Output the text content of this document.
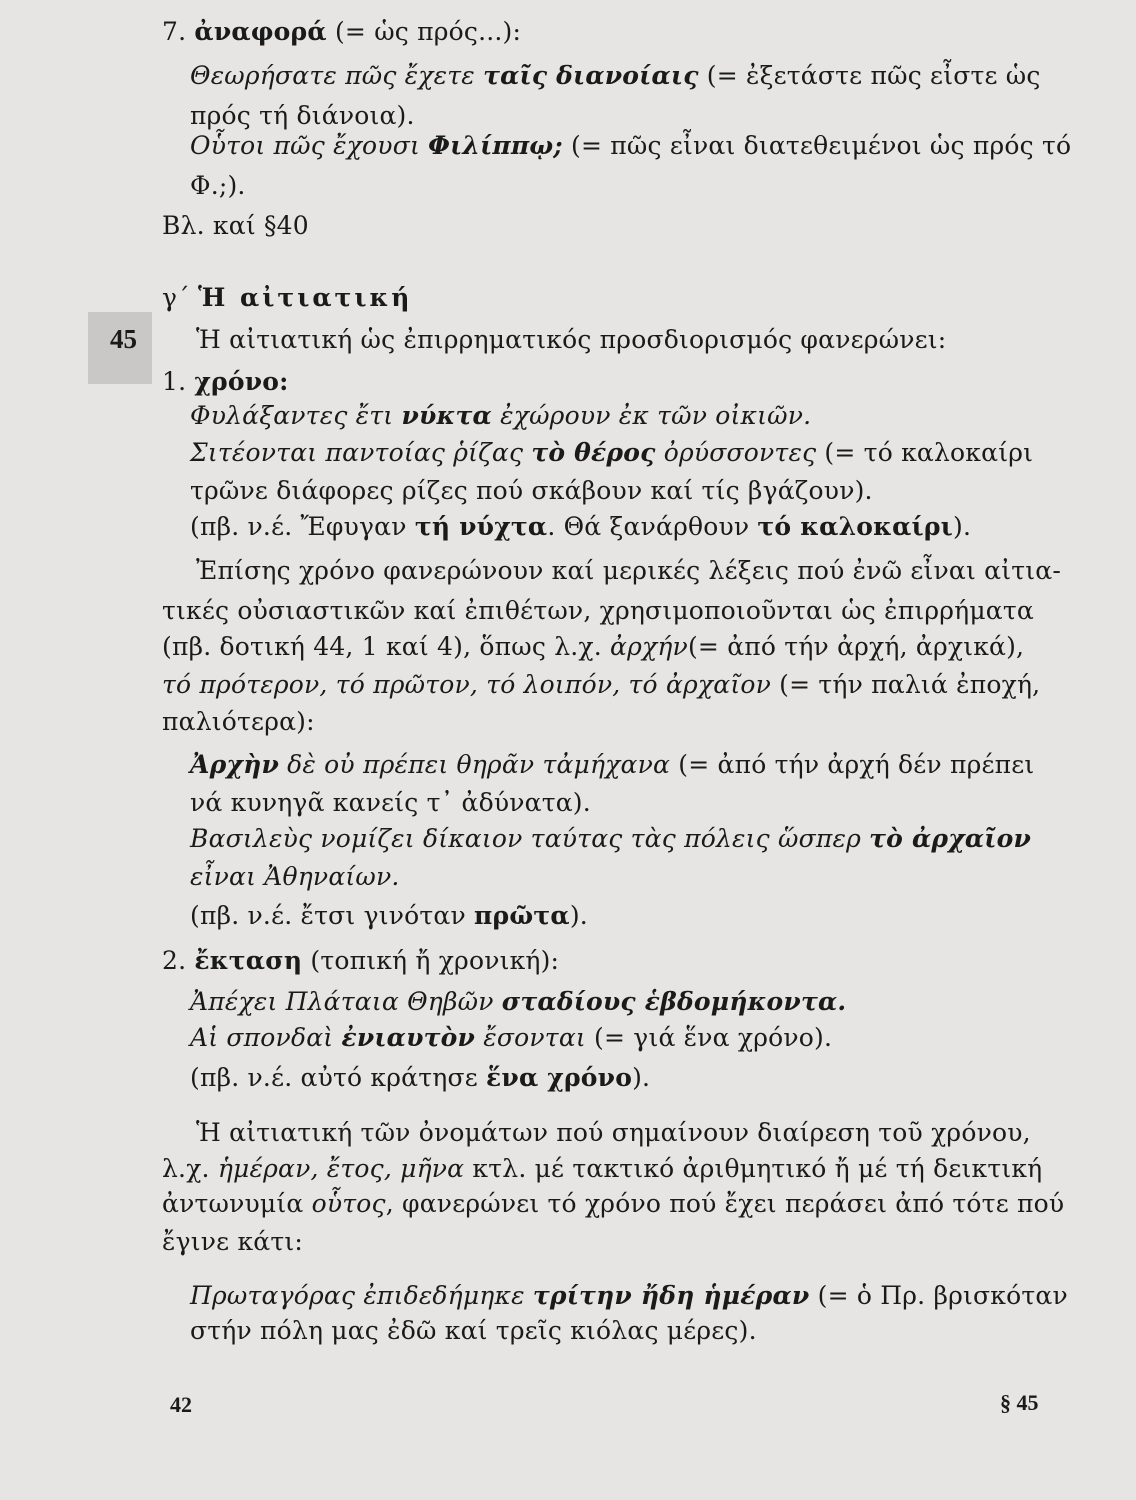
45
7. ἀναφορά (= ὡς πρός...):
Θεωρήσατε πῶς ἔχετε ταῖς διανοίαις (= ἐξετάστε πῶς εἶστε ὡς
πρός τή διάνοια).
Οὗτοι πῶς ἔχουσι Φιλίππῳ; (= πῶς εἶναι διατεθειμένοι ὡς πρός τό
Φ.;).
Βλ. καί §40
γ΄ Ἡ αἰτιατική
Ἡ αἰτιατική ὡς ἐπιρρηματικός προσδιορισμός φανερώνει:
1. χρόνο:
Φυλάξαντες ἔτι νύκτα ἐχώρουν ἐκ τῶν οἰκιῶν.
Σιτέονται παντοίας ῥίζας τὸ θέρος ὀρύσσοντες (= τό καλοκαίρι
τρῶνε διάφορες ρίζες πού σκάβουν καί τίς βγάζουν).
(πβ. ν.έ. Ἔφυγαν τή νύχτα. Θά ξανάρθουν τό καλοκαίρι).
Ἐπίσης χρόνο φανερώνουν καί μερικές λέξεις πού ἐνῶ εἶναι αἰτια-
τικές οὐσιαστικῶν καί ἐπιθέτων, χρησιμοποιοῦνται ὡς ἐπιρρήματα
(πβ. δοτική 44, 1 καί 4), ὅπως λ.χ. ἀρχήν(= ἀπό τήν ἀρχή, ἀρχικά),
τό πρότερον, τό πρῶτον, τό λοιπόν, τό ἀρχαῖον (= τήν παλιά ἐποχή,
παλιότερα):
Ἀρχὴν δὲ οὐ πρέπει θηρᾶν τἀμήχανα (= ἀπό τήν ἀρχή δέν πρέπει
νά κυνηγᾶ κανείς τ᾽ ἀδύνατα).
Βασιλεὺς νομίζει δίκαιον ταύτας τὰς πόλεις ὥσπερ τὸ ἀρχαῖον
εἶναι Ἀθηναίων.
(πβ. ν.έ. ἔτσι γινόταν πρῶτα).
2. ἔκταση (τοπική ἤ χρονική):
Ἀπέχει Πλάταια Θηβῶν σταδίους ἑβδομήκοντα.
Αἱ σπονδαὶ ἐνιαυτὸν ἔσονται (= γιά ἕνα χρόνο).
(πβ. ν.έ. αὐτό κράτησε ἕνα χρόνο).
Ἡ αἰτιατική τῶν ὀνομάτων πού σημαίνουν διαίρεση τοῦ χρόνου,
λ.χ. ἡμέραν, ἔτος, μῆνα κτλ. μέ τακτικό ἀριθμητικό ἤ μέ τή δεικτική
ἀντωνυμία οὗτος, φανερώνει τό χρόνο πού ἔχει περάσει ἀπό τότε πού
ἔγινε κάτι:
Πρωταγόρας ἐπιδεδήμηκε τρίτην ἤδη ἡμέραν (= ὁ Πρ. βρισκόταν
στήν πόλη μας ἐδῶ καί τρεῖς κιόλας μέρες).
42	§ 45
